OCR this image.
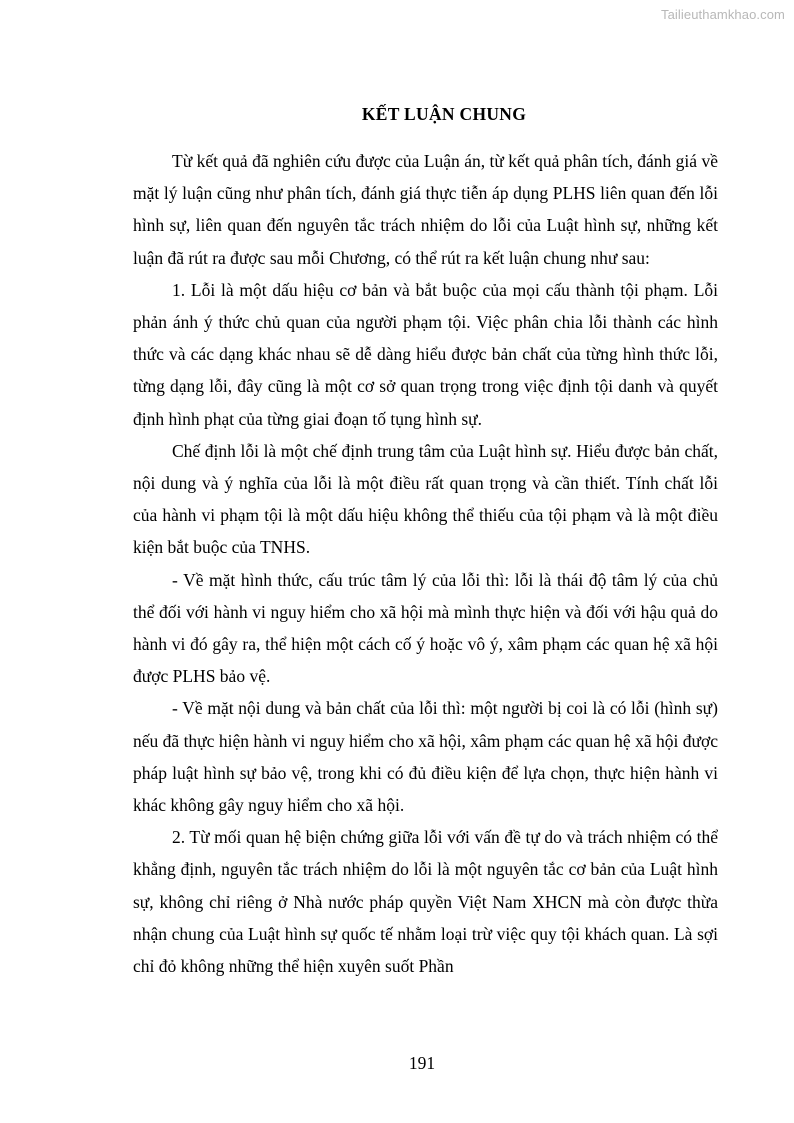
Tailieuthamkhao.com
KẾT LUẬN CHUNG

Từ kết quả đã nghiên cứu được của Luận án, từ kết quả phân tích, đánh giá về mặt lý luận cũng như phân tích, đánh giá thực tiễn áp dụng PLHS liên quan đến lỗi hình sự, liên quan đến nguyên tắc trách nhiệm do lỗi của Luật hình sự, những kết luận đã rút ra được sau mỗi Chương, có thể rút ra kết luận chung như sau:

1. Lỗi là một dấu hiệu cơ bản và bắt buộc của mọi cấu thành tội phạm. Lỗi phản ánh ý thức chủ quan của người phạm tội. Việc phân chia lỗi thành các hình thức và các dạng khác nhau sẽ dễ dàng hiểu được bản chất của từng hình thức lỗi, từng dạng lỗi, đây cũng là một cơ sở quan trọng trong việc định tội danh và quyết định hình phạt của từng giai đoạn tố tụng hình sự.

Chế định lỗi là một chế định trung tâm của Luật hình sự. Hiểu được bản chất, nội dung và ý nghĩa của lỗi là một điều rất quan trọng và cần thiết. Tính chất lỗi của hành vi phạm tội là một dấu hiệu không thể thiếu của tội phạm và là một điều kiện bắt buộc của TNHS.

- Về mặt hình thức, cấu trúc tâm lý của lỗi thì: lỗi là thái độ tâm lý của chủ thể đối với hành vi nguy hiểm cho xã hội mà mình thực hiện và đối với hậu quả do hành vi đó gây ra, thể hiện một cách cố ý hoặc vô ý, xâm phạm các quan hệ xã hội được PLHS bảo vệ.

- Về mặt nội dung và bản chất của lỗi thì: một người bị coi là có lỗi (hình sự) nếu đã thực hiện hành vi nguy hiểm cho xã hội, xâm phạm các quan hệ xã hội được pháp luật hình sự bảo vệ, trong khi có đủ điều kiện để lựa chọn, thực hiện hành vi khác không gây nguy hiểm cho xã hội.

2. Từ mối quan hệ biện chứng giữa lỗi với vấn đề tự do và trách nhiệm có thể khẳng định, nguyên tắc trách nhiệm do lỗi là một nguyên tắc cơ bản của Luật hình sự, không chỉ riêng ở Nhà nước pháp quyền Việt Nam XHCN mà còn được thừa nhận chung của Luật hình sự quốc tế nhằm loại trừ việc quy tội khách quan. Là sợi chỉ đỏ không những thể hiện xuyên suốt Phần

191
